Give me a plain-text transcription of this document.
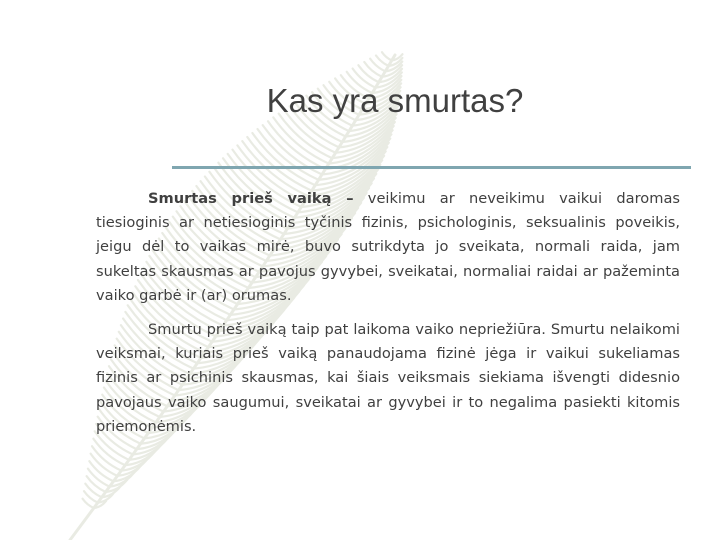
Kas yra smurtas?

Smurtas prieš vaiką – veikimu ar neveikimu vaikui daromas tiesioginis ar netiesioginis tyčinis fizinis, psichologinis, seksualinis poveikis, jeigu dėl to vaikas mirė, buvo sutrikdyta jo sveikata, normali raida, jam sukeltas skausmas ar pavojus gyvybei, sveikatai, normaliai raidai ar pažeminta vaiko garbė ir (ar) orumas.

Smurtu prieš vaiką taip pat laikoma vaiko nepriežiūra. Smurtu nelaikomi veiksmai, kuriais prieš vaiką panaudojama fizinė jėga ir vaikui sukeliamas fizinis ar psichinis skausmas, kai šiais veiksmais siekiama išvengti didesnio pavojaus vaiko saugumui, sveikatai ar gyvybei ir to negalima pasiekti kitomis priemonėmis.
